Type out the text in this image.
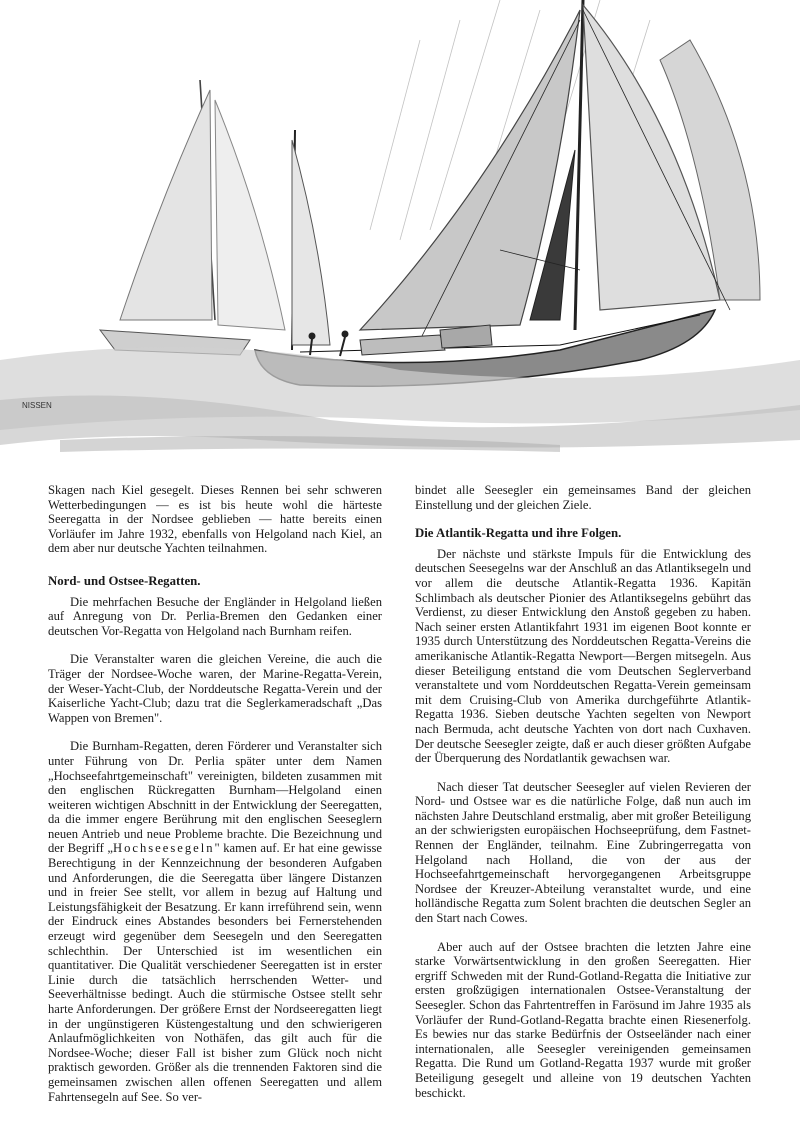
NISSEN

Skagen nach Kiel gesegelt. Dieses Rennen bei sehr schweren Wetterbedingungen — es ist bis heute wohl die härteste Seeregatta in der Nordsee geblieben — hatte bereits einen Vorläufer im Jahre 1932, ebenfalls von Helgoland nach Kiel, an dem aber nur deutsche Yachten teilnahmen.

Nord- und Ostsee-Regatten.

Die mehrfachen Besuche der Engländer in Helgoland ließen auf Anregung von Dr. Perlia-Bremen den Gedanken einer deutschen Vor-Regatta von Helgoland nach Burnham reifen.

Die Veranstalter waren die gleichen Vereine, die auch die Träger der Nordsee-Woche waren, der Marine-Regatta-Verein, der Weser-Yacht-Club, der Norddeutsche Regatta-Verein und der Kaiserliche Yacht-Club; dazu trat die Seglerkameradschaft „Das Wappen von Bremen".

Die Burnham-Regatten, deren Förderer und Veranstalter sich unter Führung von Dr. Perlia später unter dem Namen „Hochseefahrtgemeinschaft" vereinigten, bildeten zusammen mit den englischen Rückregatten Burnham—Helgoland einen weiteren wichtigen Abschnitt in der Entwicklung der Seeregatten, da die immer engere Berührung mit den englischen Seeseglern neuen Antrieb und neue Probleme brachte. Die Bezeichnung und der Begriff „Hochseesegeln" kamen auf. Er hat eine gewisse Berechtigung in der Kennzeichnung der besonderen Aufgaben und Anforderungen, die die Seeregatta über längere Distanzen und in freier See stellt, vor allem in bezug auf Haltung und Leistungsfähigkeit der Besatzung. Er kann irreführend sein, wenn der Eindruck eines Abstandes besonders bei Fernerstehenden erzeugt wird gegenüber dem Seesegeln und den Seeregatten schlechthin. Der Unterschied ist im wesentlichen ein quantitativer. Die Qualität verschiedener Seeregatten ist in erster Linie durch die tatsächlich herrschenden Wetter- und Seeverhältnisse bedingt. Auch die stürmische Ostsee stellt sehr harte Anforderungen. Der größere Ernst der Nordseeregatten liegt in der ungünstigeren Küstengestaltung und den schwierigeren Anlaufmöglichkeiten von Nothäfen, das gilt auch für die Nordsee-Woche; dieser Fall ist bisher zum Glück noch nicht praktisch geworden. Größer als die trennenden Faktoren sind die gemeinsamen zwischen allen offenen Seeregatten und allem Fahrtensegeln auf See. So ver-

bindet alle Seesegler ein gemeinsames Band der gleichen Einstellung und der gleichen Ziele.

Die Atlantik-Regatta und ihre Folgen.

Der nächste und stärkste Impuls für die Entwicklung des deutschen Seesegelns war der Anschluß an das Atlantiksegeln und vor allem die deutsche Atlantik-Regatta 1936. Kapitän Schlimbach als deutscher Pionier des Atlantiksegelns gebührt das Verdienst, zu dieser Entwicklung den Anstoß gegeben zu haben. Nach seiner ersten Atlantikfahrt 1931 im eigenen Boot konnte er 1935 durch Unterstützung des Norddeutschen Regatta-Vereins die amerikanische Atlantik-Regatta Newport—Bergen mitsegeln. Aus dieser Beteiligung entstand die vom Deutschen Seglerverband veranstaltete und vom Norddeutschen Regatta-Verein gemeinsam mit dem Cruising-Club von Amerika durchgeführte Atlantik-Regatta 1936. Sieben deutsche Yachten segelten von Newport nach Bermuda, acht deutsche Yachten von dort nach Cuxhaven. Der deutsche Seesegler zeigte, daß er auch dieser größten Aufgabe der Überquerung des Nordatlantik gewachsen war.

Nach dieser Tat deutscher Seesegler auf vielen Revieren der Nord- und Ostsee war es die natürliche Folge, daß nun auch im nächsten Jahre Deutschland erstmalig, aber mit großer Beteiligung an der schwierigsten europäischen Hochseeprüfung, dem Fastnet-Rennen der Engländer, teilnahm. Eine Zubringerregatta von Helgoland nach Holland, die von der aus der Hochseefahrtgemeinschaft hervorgegangenen Arbeitsgruppe Nordsee der Kreuzer-Abteilung veranstaltet wurde, und eine holländische Regatta zum Solent brachten die deutschen Segler an den Start nach Cowes.

Aber auch auf der Ostsee brachten die letzten Jahre eine starke Vorwärtsentwicklung in den großen Seeregatten. Hier ergriff Schweden mit der Rund-Gotland-Regatta die Initiative zur ersten großzügigen internationalen Ostsee-Veranstaltung der Seesegler. Schon das Fahrtentreffen in Farösund im Jahre 1935 als Vorläufer der Rund-Gotland-Regatta brachte einen Riesenerfolg. Es bewies nur das starke Bedürfnis der Ostseeländer nach einer internationalen, alle Seesegler vereinigenden gemeinsamen Regatta. Die Rund um Gotland-Regatta 1937 wurde mit großer Beteiligung gesegelt und alleine von 19 deutschen Yachten beschickt.
